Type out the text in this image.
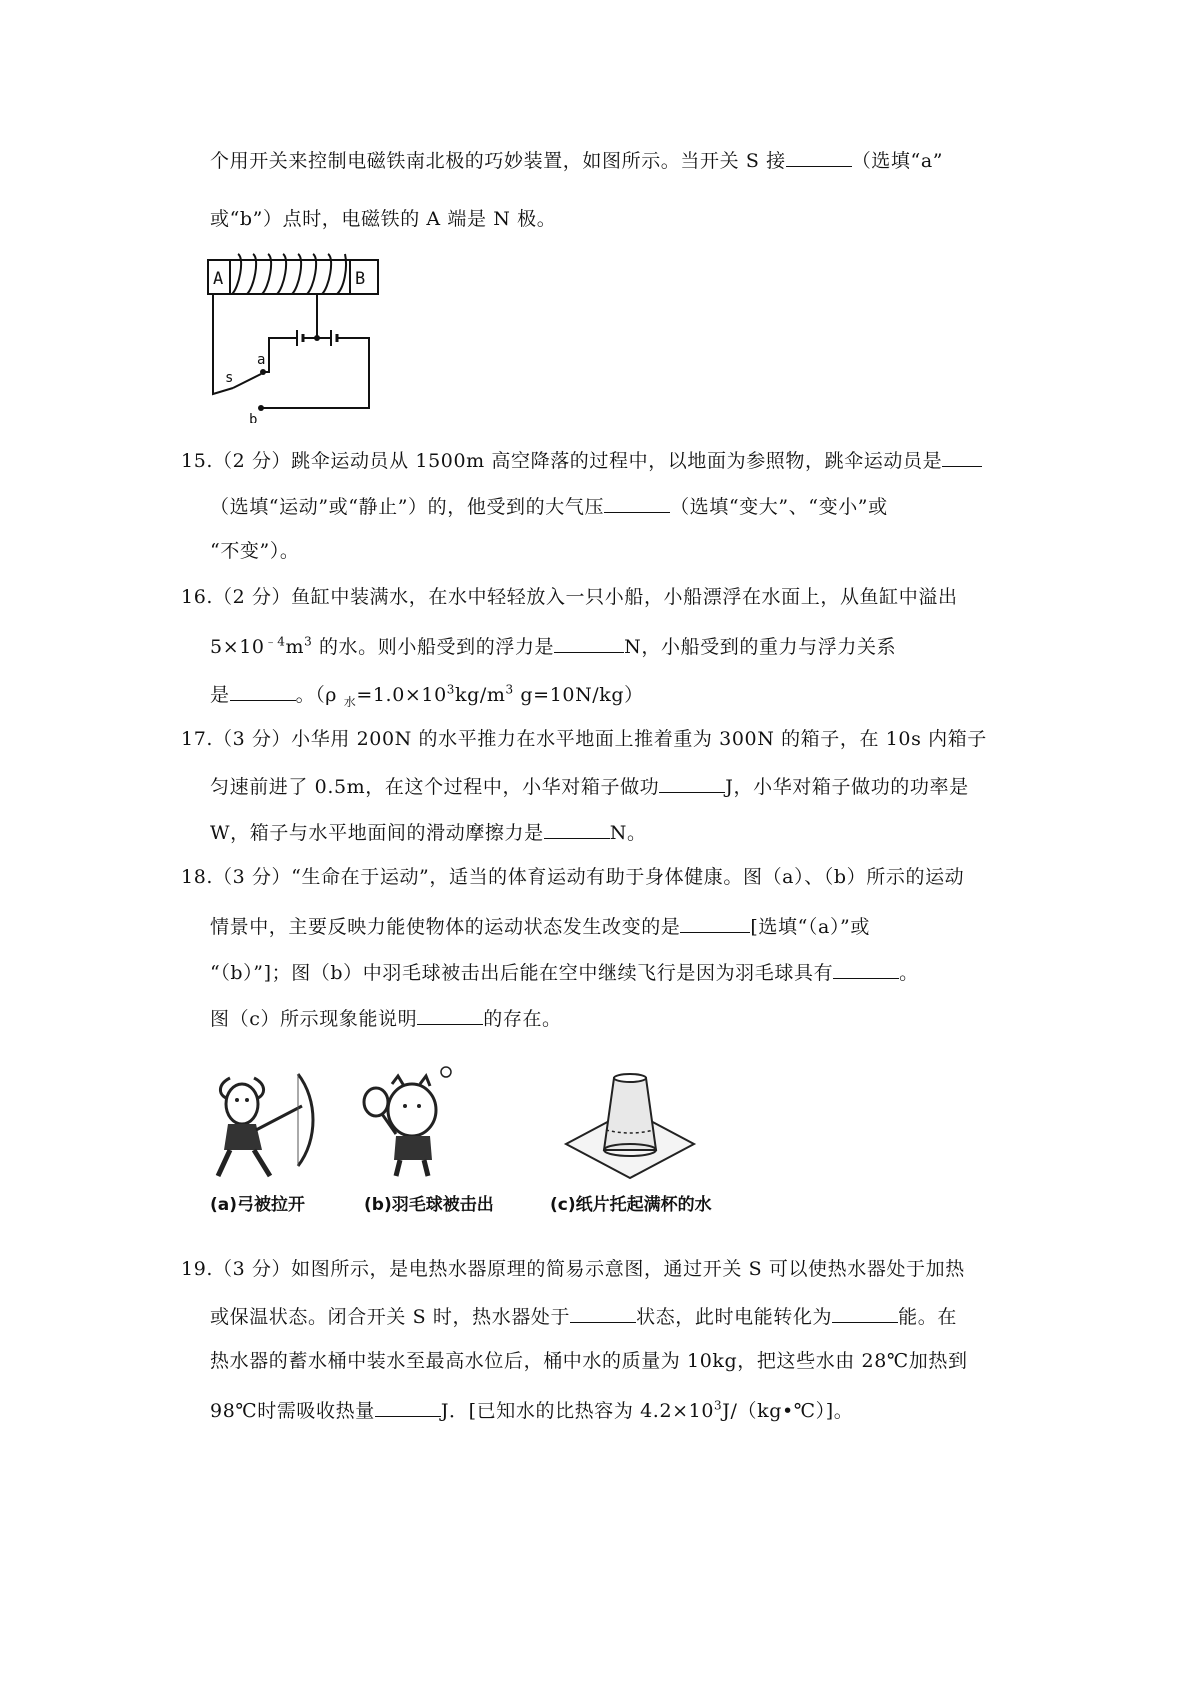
个用开关来控制电磁铁南北极的巧妙装置，如图所示。当开关 S 接	（选填“a”
或“b”）点时，电磁铁的 A 端是 N 极。
A	B
a
s
b
15.（2 分）跳伞运动员从 1500m 高空降落的过程中，以地面为参照物，跳伞运动员是
（选填“运动”或“静止”）的，他受到的大气压	（选填“变大”、“变小”或
“不变”）。
16.（2 分）鱼缸中装满水，在水中轻轻放入一只小船，小船漂浮在水面上，从鱼缸中溢出
$5\times 10^{﹣4}m^3$ 的水。则小船受到的浮力是	N，小船受到的重力与浮力关系
是	。（ρ $_水=1.0\times 10^3kg/m^3$ g=10N/kg）
17.（3 分）小华用 200N 的水平推力在水平地面上推着重为 300N 的箱子，在 10s 内箱子
匀速前进了 0.5m，在这个过程中，小华对箱子做功	J，小华对箱子做功的功率是
W，箱子与水平地面间的滑动摩擦力是	N。
18.（3 分）“生命在于运动”，适当的体育运动有助于身体健康。图（a）、（b）所示的运动
情景中，主要反映力能使物体的运动状态发生改变的是	[选填“（a）”或
“（b）”]；图（b）中羽毛球被击出后能在空中继续飞行是因为羽毛球具有	。
图（c）所示现象能说明	的存在。
(a)弓被拉开	(b)羽毛球被击出	(c)纸片托起满杯的水
19.（3 分）如图所示，是电热水器原理的简易示意图，通过开关 S 可以使热水器处于加热
或保温状态。闭合开关 S 时，热水器处于	状态，此时电能转化为	能。在
热水器的蓄水桶中装水至最高水位后，桶中水的质量为 10kg，把这些水由 28℃加热到
98℃时需吸收热量	J．[已知水的比热容为 $4.2\times 10^3J/(kg•℃)$]。
